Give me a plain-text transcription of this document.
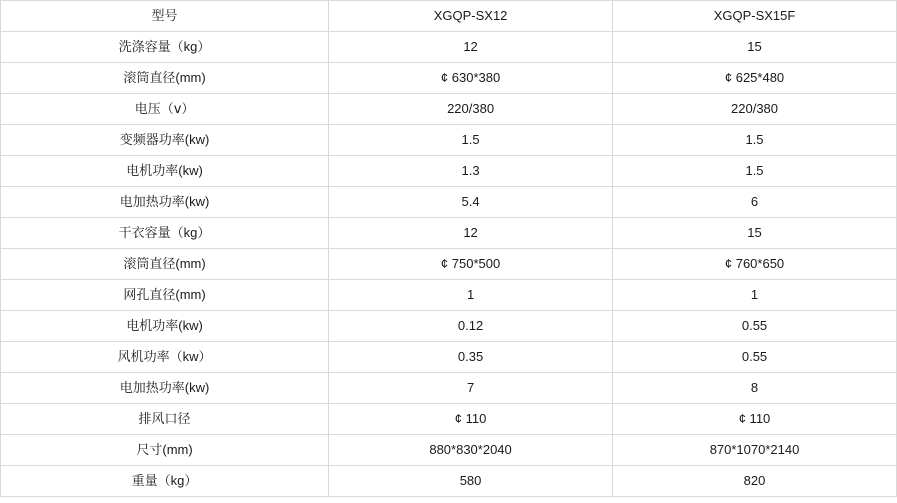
型号	XGQP-SX12	XGQP-SX15F
洗涤容量（kg）	12	15
滚筒直径(mm)	¢ 630*380	¢ 625*480
电压（ⅴ）	220/380	220/380
变频器功率(kw)	1.5	1.5
电机功率(kw)	1.3	1.5
电加热功率(kw)	5.4	6
干衣容量（kg）	12	15
滚筒直径(mm)	¢ 750*500	¢ 760*650
网孔直径(mm)	1	1
电机功率(kw)	0.12	0.55
风机功率（kw）	0.35	0.55
电加热功率(kw)	7	8
排风口径	¢ 110	¢ 110
尺寸(mm)	880*830*2040	870*1070*2140
重量（kg）	580	820
